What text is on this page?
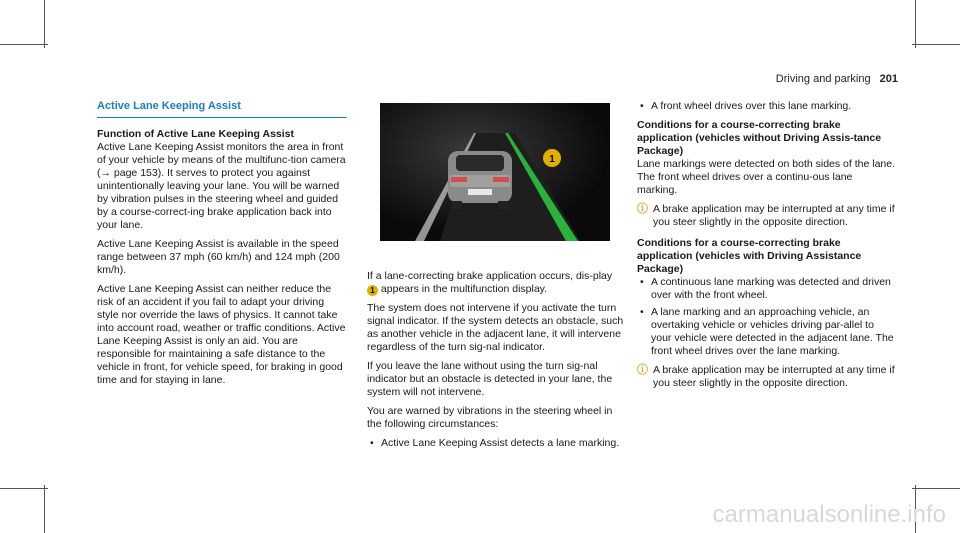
Driving and parking 201
Active Lane Keeping Assist

Function of Active Lane Keeping Assist

Active Lane Keeping Assist monitors the area in front of your vehicle by means of the multifunc-tion camera (→ page 153). It serves to protect you against unintentionally leaving your lane. You will be warned by vibration pulses in the steering wheel and guided by a course-correct-ing brake application back into your lane.

Active Lane Keeping Assist is available in the speed range between 37 mph (60 km/h) and 124 mph (200 km/h).

Active Lane Keeping Assist can neither reduce the risk of an accident if you fail to adapt your driving style nor override the laws of physics. It cannot take into account road, weather or traffic conditions. Active Lane Keeping Assist is only an aid. You are responsible for maintaining a safe distance to the vehicle in front, for vehicle speed, for braking in good time and for staying in lane.

1

If a lane-correcting brake application occurs, dis-play 1 appears in the multifunction display.

The system does not intervene if you activate the turn signal indicator. If the system detects an obstacle, such as another vehicle in the adjacent lane, it will intervene regardless of the turn sig-nal indicator.

If you leave the lane without using the turn sig-nal indicator but an obstacle is detected in your lane, the system will not intervene.

You are warned by vibrations in the steering wheel in the following circumstances:

• Active Lane Keeping Assist detects a lane marking.
• A front wheel drives over this lane marking.

Conditions for a course-correcting brake application (vehicles without Driving Assis-tance Package)

Lane markings were detected on both sides of the lane. The front wheel drives over a continu-ous lane marking.

ⓘ A brake application may be interrupted at any time if you steer slightly in the opposite direction.

Conditions for a course-correcting brake application (vehicles with Driving Assistance Package)

• A continuous lane marking was detected and driven over with the front wheel.
• A lane marking and an approaching vehicle, an overtaking vehicle or vehicles driving par-allel to your vehicle were detected in the adjacent lane. The front wheel drives over the lane marking.
ⓘ A brake application may be interrupted at any time if you steer slightly in the opposite direction.
carmanualsonline.info
